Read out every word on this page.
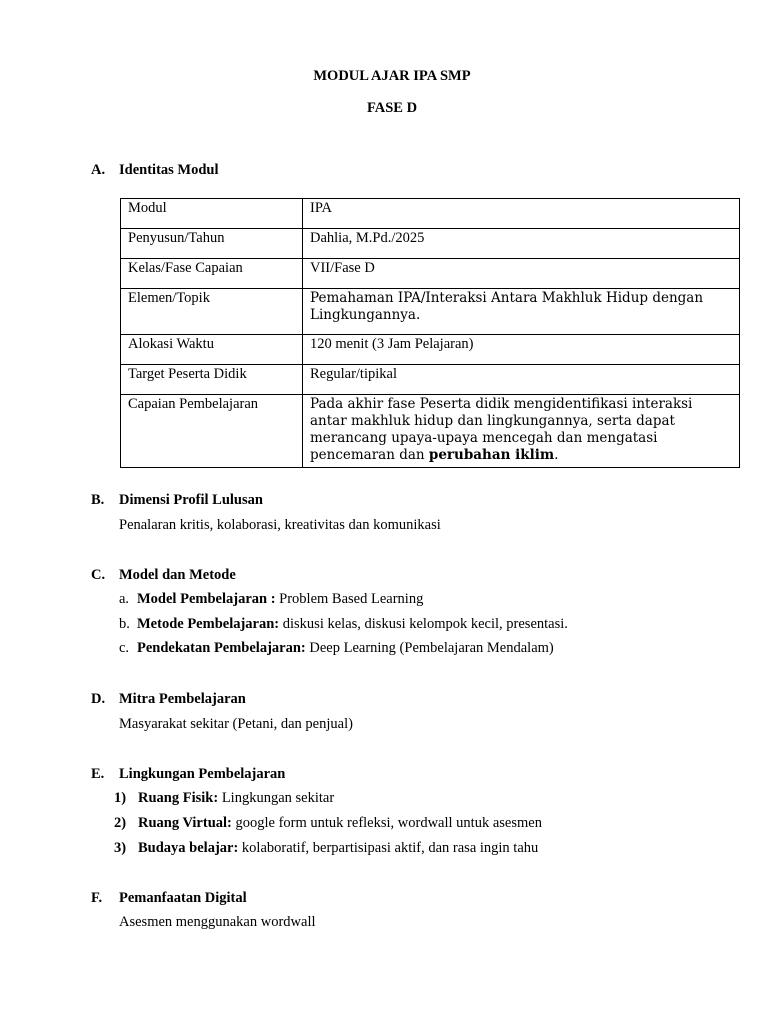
MODUL AJAR IPA SMP
FASE D
A. Identitas Modul
Modul	IPA
Penyusun/Tahun	Dahlia, M.Pd./2025
Kelas/Fase Capaian	VII/Fase D
Elemen/Topik	Pemahaman IPA/Interaksi Antara Makhluk Hidup dengan Lingkungannya.
Alokasi Waktu	120 menit (3 Jam Pelajaran)
Target Peserta Didik	Regular/tipikal
Capaian Pembelajaran	Pada akhir fase Peserta didik mengidentifikasi interaksi antar makhluk hidup dan lingkungannya, serta dapat merancang upaya-upaya mencegah dan mengatasi pencemaran dan perubahan iklim.
B. Dimensi Profil Lulusan
Penalaran kritis, kolaborasi, kreativitas dan komunikasi
C. Model dan Metode
a. Model Pembelajaran : Problem Based Learning
b. Metode Pembelajaran: diskusi kelas, diskusi kelompok kecil, presentasi.
c. Pendekatan Pembelajaran: Deep Learning (Pembelajaran Mendalam)
D. Mitra Pembelajaran
Masyarakat sekitar (Petani, dan penjual)
E. Lingkungan Pembelajaran
1) Ruang Fisik: Lingkungan sekitar
2) Ruang Virtual: google form untuk refleksi, wordwall untuk asesmen
3) Budaya belajar: kolaboratif, berpartisipasi aktif, dan rasa ingin tahu
F. Pemanfaatan Digital
Asesmen menggunakan wordwall
